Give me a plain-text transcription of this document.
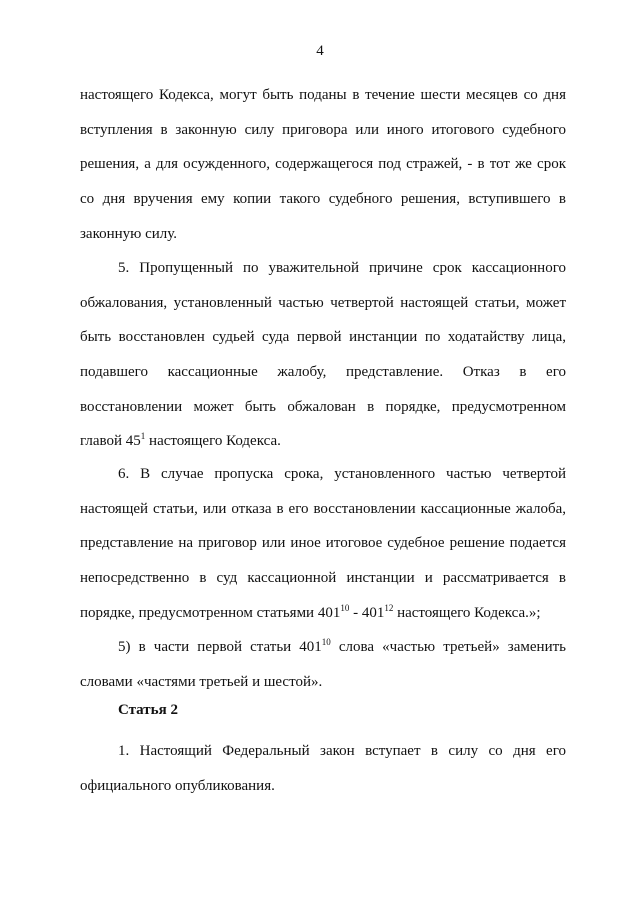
4
настоящего Кодекса, могут быть поданы в течение шести месяцев со дня
вступления в законную силу приговора или иного итогового судебного
решения, а для осужденного, содержащегося под стражей, - в тот же срок
со дня вручения ему копии такого судебного решения, вступившего в
законную силу.
5. Пропущенный по уважительной причине срок кассационного
обжалования, установленный частью четвертой настоящей статьи, может
быть восстановлен судьей суда первой инстанции по ходатайству лица,
подавшего кассационные жалобу, представление. Отказ в его
восстановлении может быть обжалован в порядке, предусмотренном
главой $45^1$ настоящего Кодекса.
6. В случае пропуска срока, установленного частью четвертой
настоящей статьи, или отказа в его восстановлении кассационные жалоба,
представление на приговор или иное итоговое судебное решение подается
непосредственно в суд кассационной инстанции и рассматривается в
порядке, предусмотренном статьями $401^{10} - 401^{12}$ настоящего Кодекса.»;
5) в части первой статьи $401^{10}$ слова «частью третьей» заменить
словами «частями третьей и шестой».
Статья 2
1. Настоящий Федеральный закон вступает в силу со дня его
официального опубликования.
